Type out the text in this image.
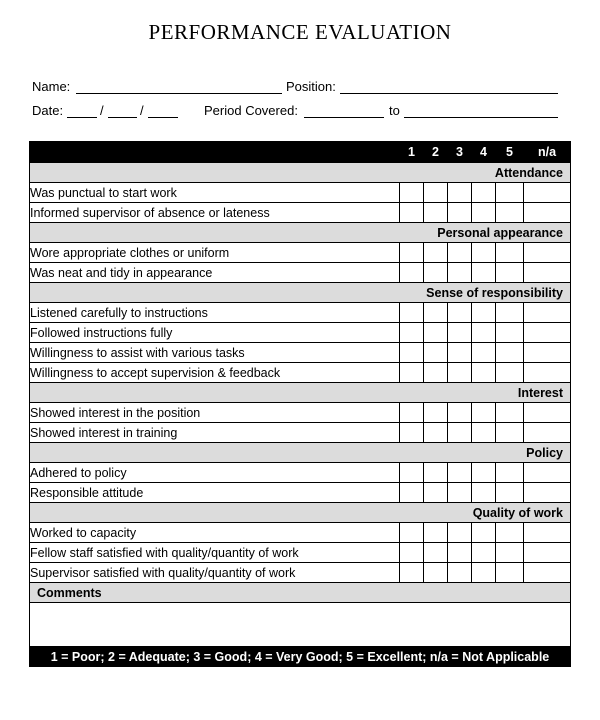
PERFORMANCE EVALUATION
Name:	Position:
Date:	/	/	Period Covered:	to
	1	2	3	4	5	n/a
Attendance						
Was punctual to start work						
Informed supervisor of absence or lateness						
Personal appearance						
Wore appropriate clothes or uniform						
Was neat and tidy in appearance						
Sense of responsibility						
Listened carefully to instructions						
Followed instructions fully						
Willingness to assist with various tasks						
Willingness to accept supervision & feedback						
Interest						
Showed interest in the position						
Showed interest in training						
Policy						
Adhered to policy						
Responsible attitude						
Quality of work						
Worked to capacity						
Fellow staff satisfied with quality/quantity of work						
Supervisor satisfied with quality/quantity of work						
Comments						

1 = Poor; 2 = Adequate; 3 = Good; 4 = Very Good; 5 = Excellent; n/a = Not Applicable						
